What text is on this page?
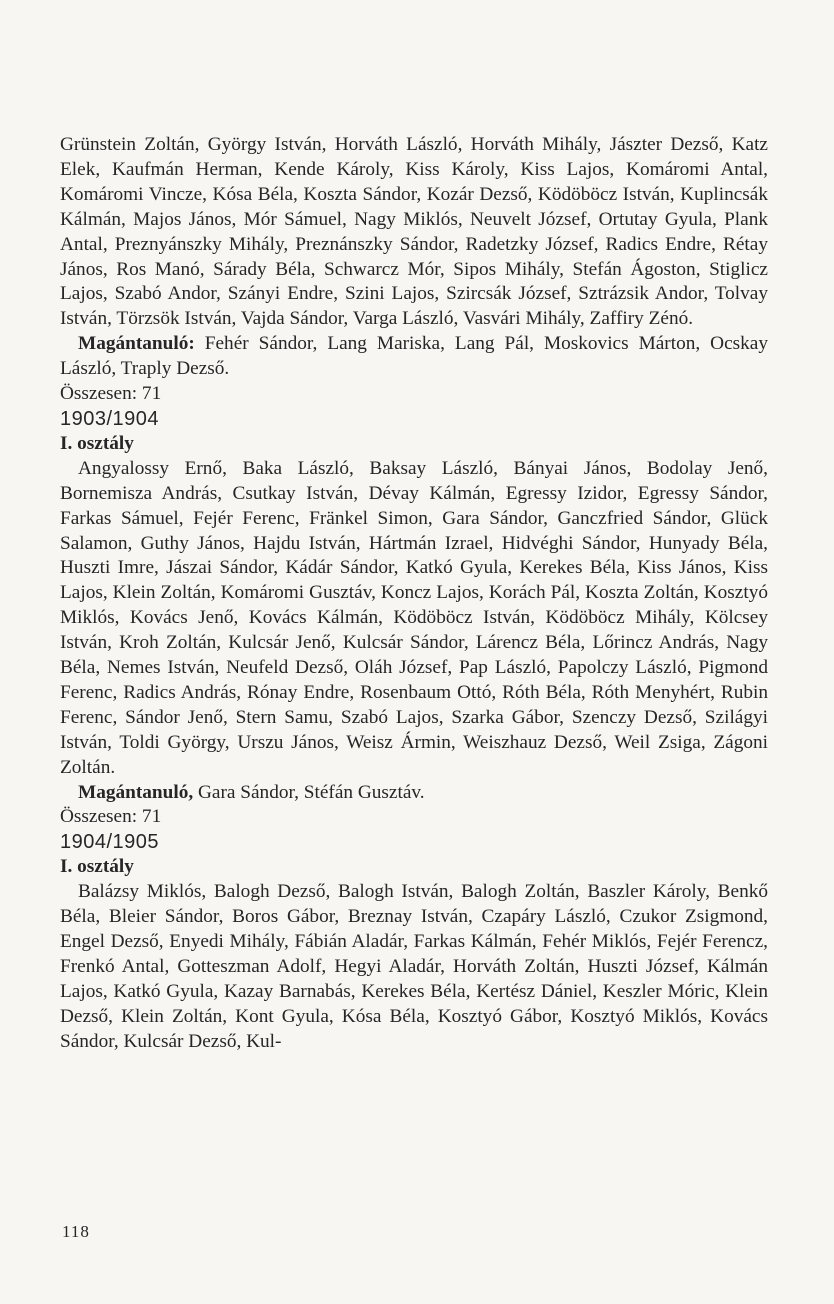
Grünstein Zoltán, György István, Horváth László, Horváth Mihály, Jászter Dezső, Katz Elek, Kaufmán Herman, Kende Károly, Kiss Károly, Kiss Lajos, Komáromi Antal, Komáromi Vincze, Kósa Béla, Koszta Sándor, Kozár Dezső, Ködöböcz István, Kuplincsák Kálmán, Majos János, Mór Sámuel, Nagy Miklós, Neuvelt József, Ortutay Gyula, Plank Antal, Preznyánszky Mihály, Preznánszky Sándor, Radetzky József, Radics Endre, Rétay János, Ros Manó, Sárady Béla, Schwarcz Mór, Sipos Mihály, Stefán Ágoston, Stiglicz Lajos, Szabó Andor, Szányi Endre, Szini Lajos, Szircsák József, Sztrázsik Andor, Tolvay István, Törzsök István, Vajda Sándor, Varga László, Vasvári Mihály, Zaffiry Zénó.

Magántanuló: Fehér Sándor, Lang Mariska, Lang Pál, Moskovics Márton, Ocskay László, Traply Dezső.

Összesen: 71

1903/1904

I. osztály

Angyalossy Ernő, Baka László, Baksay László, Bányai János, Bodolay Jenő, Bornemisza András, Csutkay István, Dévay Kálmán, Egressy Izidor, Egressy Sándor, Farkas Sámuel, Fejér Ferenc, Fränkel Simon, Gara Sándor, Ganczfried Sándor, Glück Salamon, Guthy János, Hajdu István, Hártmán Izrael, Hidvéghi Sándor, Hunyady Béla, Huszti Imre, Jászai Sándor, Kádár Sándor, Katkó Gyula, Kerekes Béla, Kiss János, Kiss Lajos, Klein Zoltán, Komáromi Gusztáv, Koncz Lajos, Korách Pál, Koszta Zoltán, Kosztyó Miklós, Kovács Jenő, Kovács Kálmán, Ködöböcz István, Ködöböcz Mihály, Kölcsey István, Kroh Zoltán, Kulcsár Jenő, Kulcsár Sándor, Lárencz Béla, Lőrincz András, Nagy Béla, Nemes István, Neufeld Dezső, Oláh József, Pap László, Papolczy László, Pigmond Ferenc, Radics András, Rónay Endre, Rosenbaum Ottó, Róth Béla, Róth Menyhért, Rubin Ferenc, Sándor Jenő, Stern Samu, Szabó Lajos, Szarka Gábor, Szenczy Dezső, Szilágyi István, Toldi György, Urszu János, Weisz Ármin, Weiszhauz Dezső, Weil Zsiga, Zágoni Zoltán.

Magántanuló, Gara Sándor, Stéfán Gusztáv.

Összesen: 71

1904/1905

I. osztály

Balázsy Miklós, Balogh Dezső, Balogh István, Balogh Zoltán, Baszler Károly, Benkő Béla, Bleier Sándor, Boros Gábor, Breznay István, Czapáry László, Czukor Zsigmond, Engel Dezső, Enyedi Mihály, Fábián Aladár, Farkas Kálmán, Fehér Miklós, Fejér Ferencz, Frenkó Antal, Gotteszman Adolf, Hegyi Aladár, Horváth Zoltán, Huszti József, Kálmán Lajos, Katkó Gyula, Kazay Barnabás, Kerekes Béla, Kertész Dániel, Keszler Móric, Klein Dezső, Klein Zoltán, Kont Gyula, Kósa Béla, Kosztyó Gábor, Kosztyó Miklós, Kovács Sándor, Kulcsár Dezső, Kul-

118
